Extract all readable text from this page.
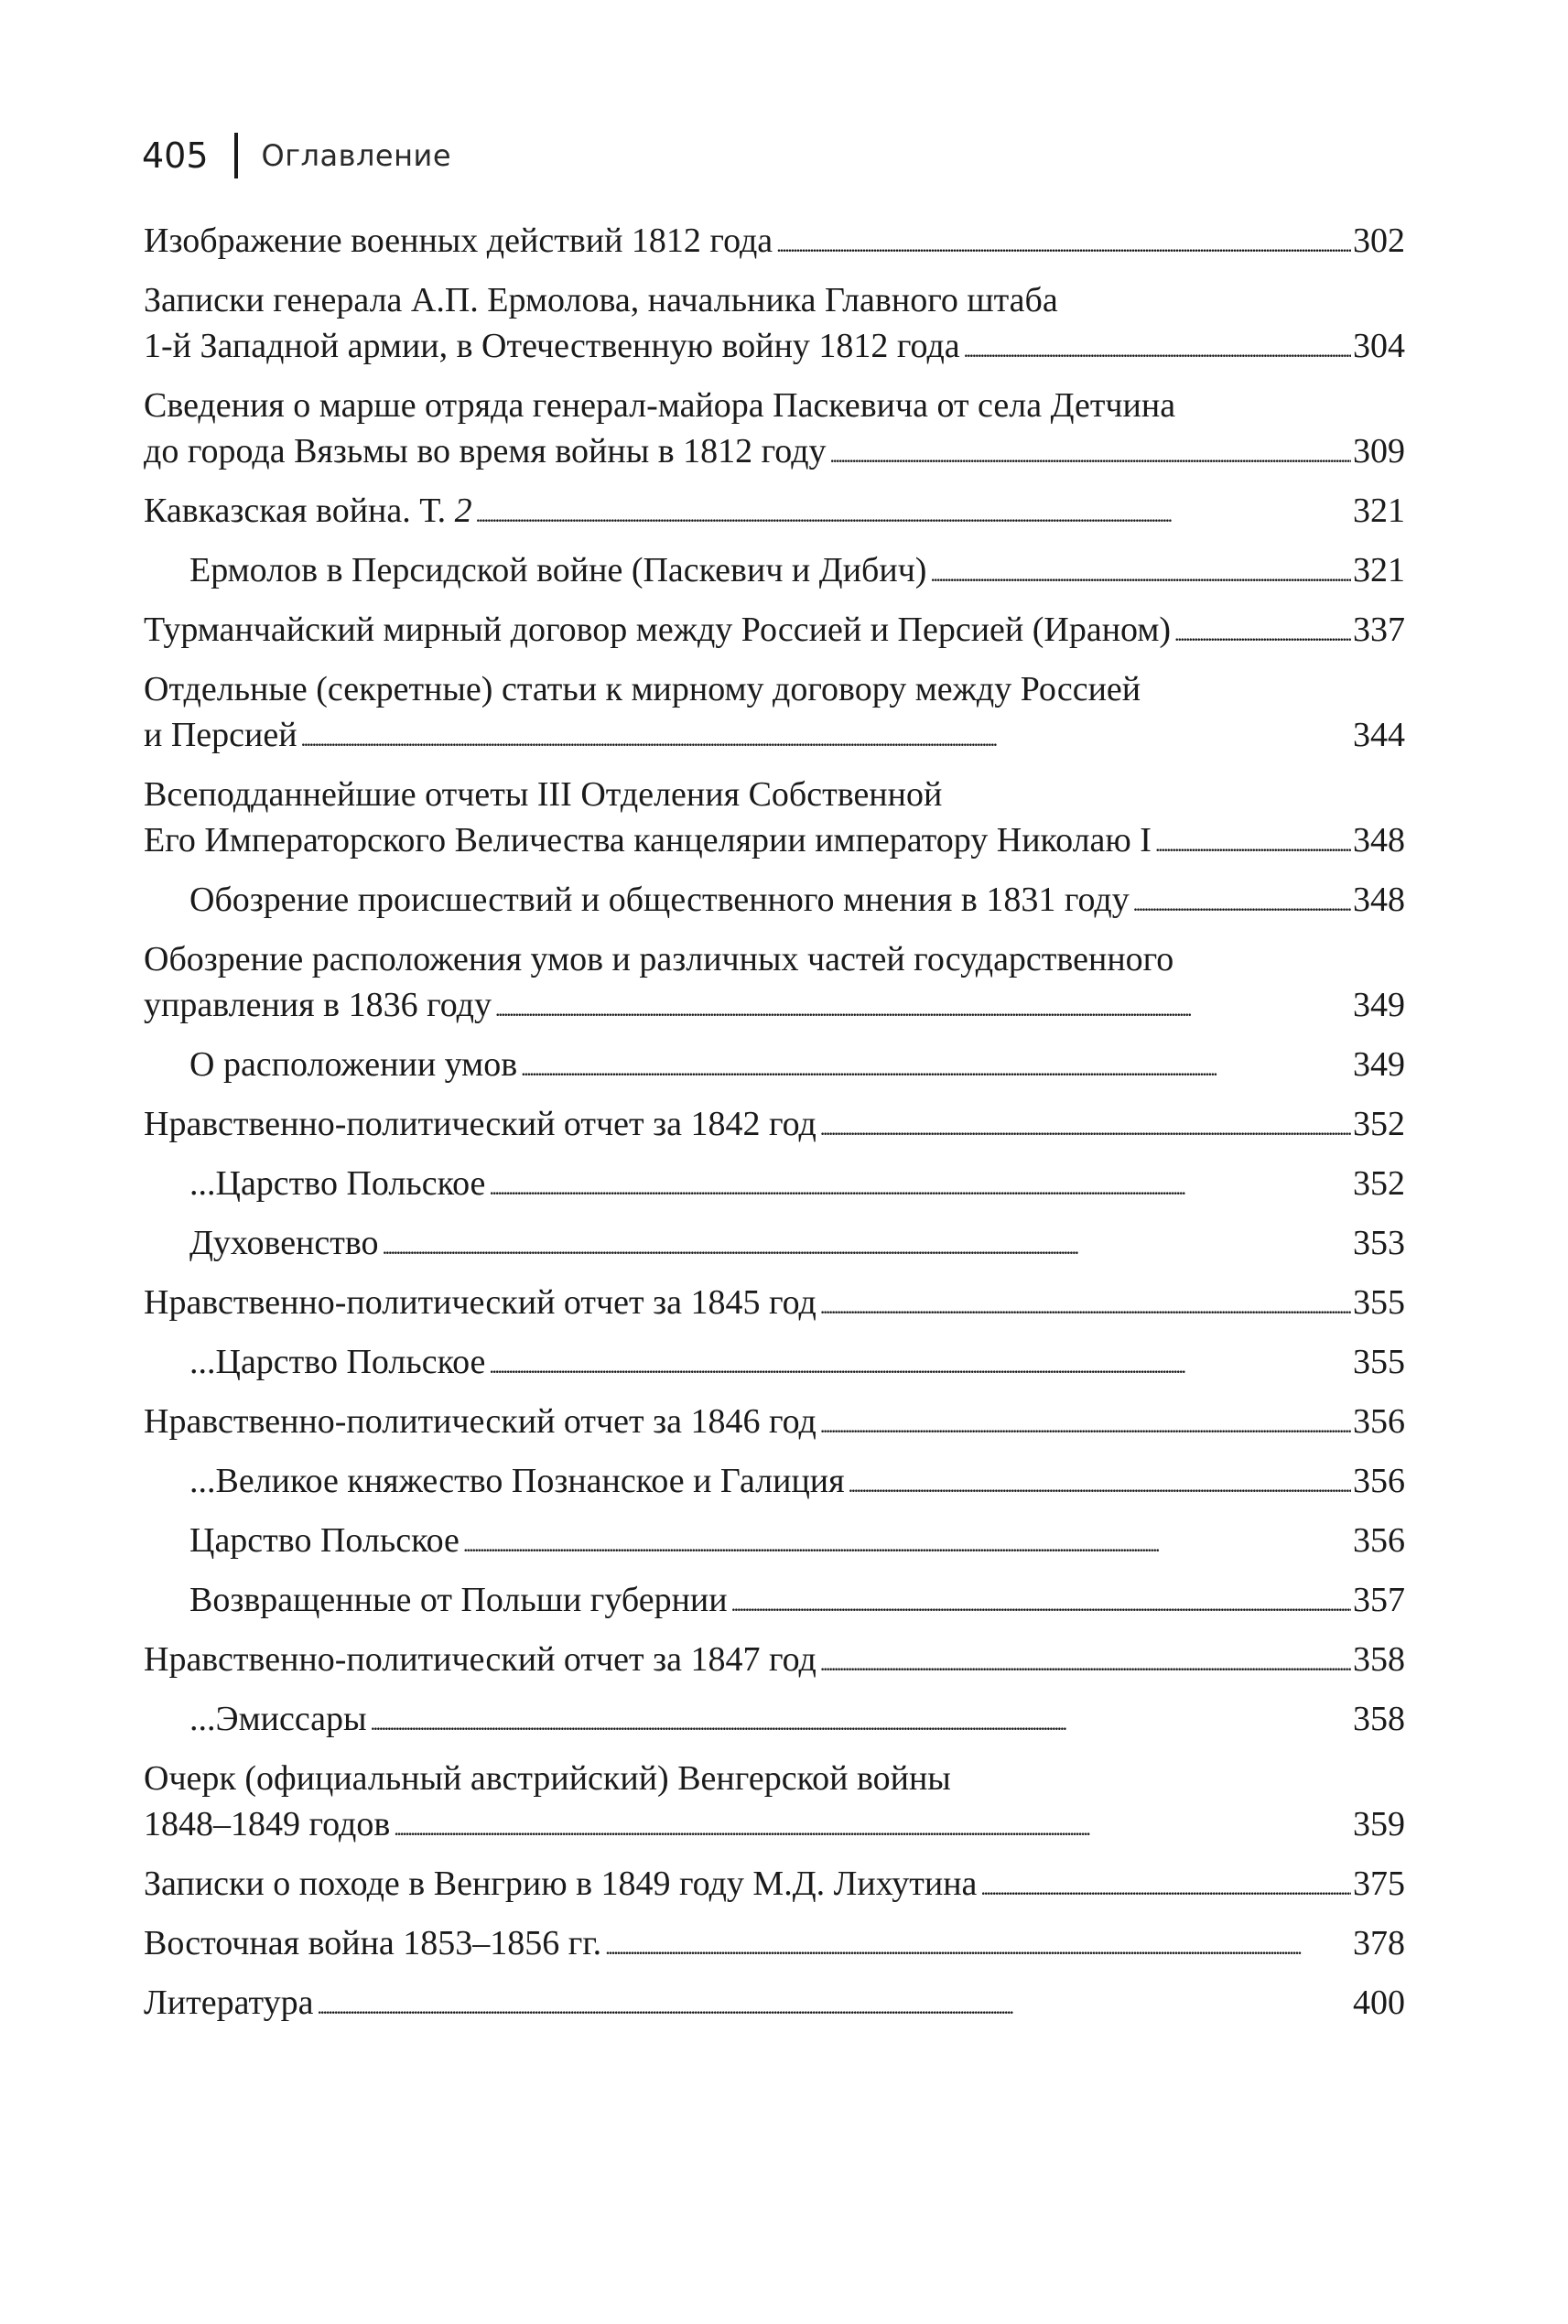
405 Оглавление
Изображение военных действий 1812 года . . .	302
Записки генерала А.П. Ермолова, начальника Главного штаба
1-й Западной армии, в Отечественную войну 1812 года . . .	304
Сведения о марше отряда генерал-майора Паскевича от села Детчина
до города Вязьмы во время войны в 1812 году . . .	309
Кавказская война. Т. 2 . . .	321
Ермолов в Персидской войне (Паскевич и Дибич) . . .	321
Турманчайский мирный договор между Россией и Персией (Ираном) . . .	337
Отдельные (секретные) статьи к мирному договору между Россией
и Персией . . .	344
Всеподданнейшие отчеты III Отделения Собственной
Его Императорского Величества канцелярии императору Николаю I . . .	348
Обозрение происшествий и общественного мнения в 1831 году . . .	348
Обозрение расположения умов и различных частей государственного
управления в 1836 году . . .	349
О расположении умов . . .	349
Нравственно-политический отчет за 1842 год . . .	352
...Царство Польское . . .	352
Духовенство . . .	353
Нравственно-политический отчет за 1845 год . . .	355
...Царство Польское . . .	355
Нравственно-политический отчет за 1846 год . . .	356
...Великое княжество Познанское и Галиция . . .	356
Царство Польское . . .	356
Возвращенные от Польши губернии . . .	357
Нравственно-политический отчет за 1847 год . . .	358
...Эмиссары . . .	358
Очерк (официальный австрийский) Венгерской войны
1848–1849 годов . . .	359
Записки о походе в Венгрию в 1849 году М.Д. Лихутина . . .	375
Восточная война 1853–1856 гг. . . .	378
Литература . . .	400
